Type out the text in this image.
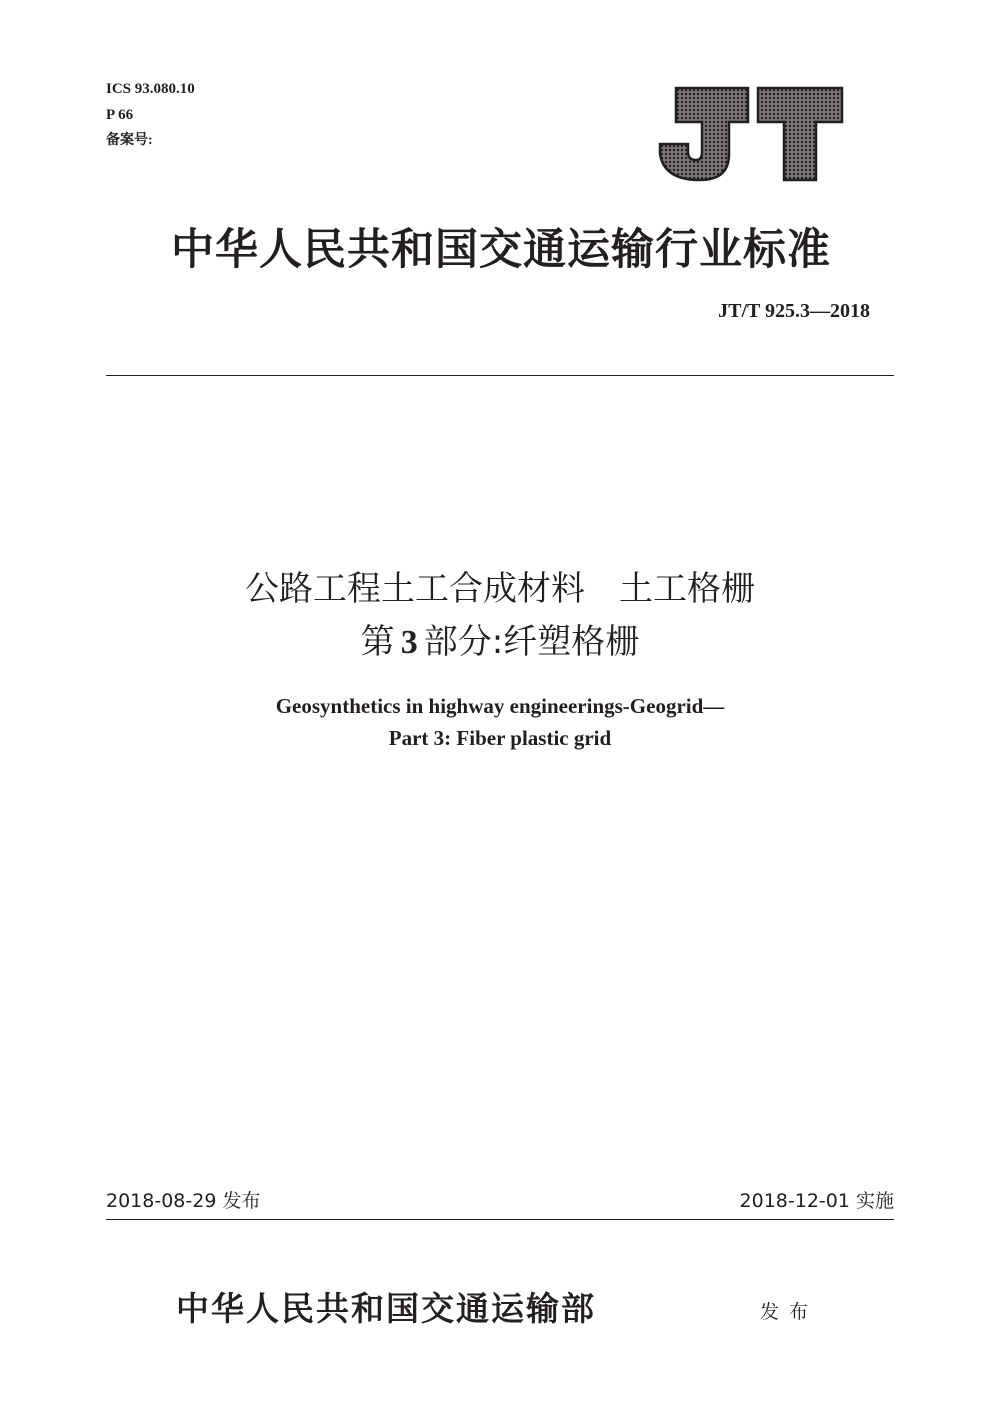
ICS 93.080.10
P 66
备案号:
中华人民共和国交通运输行业标准
JT/T 925.3—2018
公路工程土工合成材料　土工格栅
第 3 部分:纤塑格栅
Geosynthetics in highway engineerings-Geogrid—
Part 3: Fiber plastic grid
2018-08-29 发布	2018-12-01 实施
中华人民共和国交通运输部	发布
